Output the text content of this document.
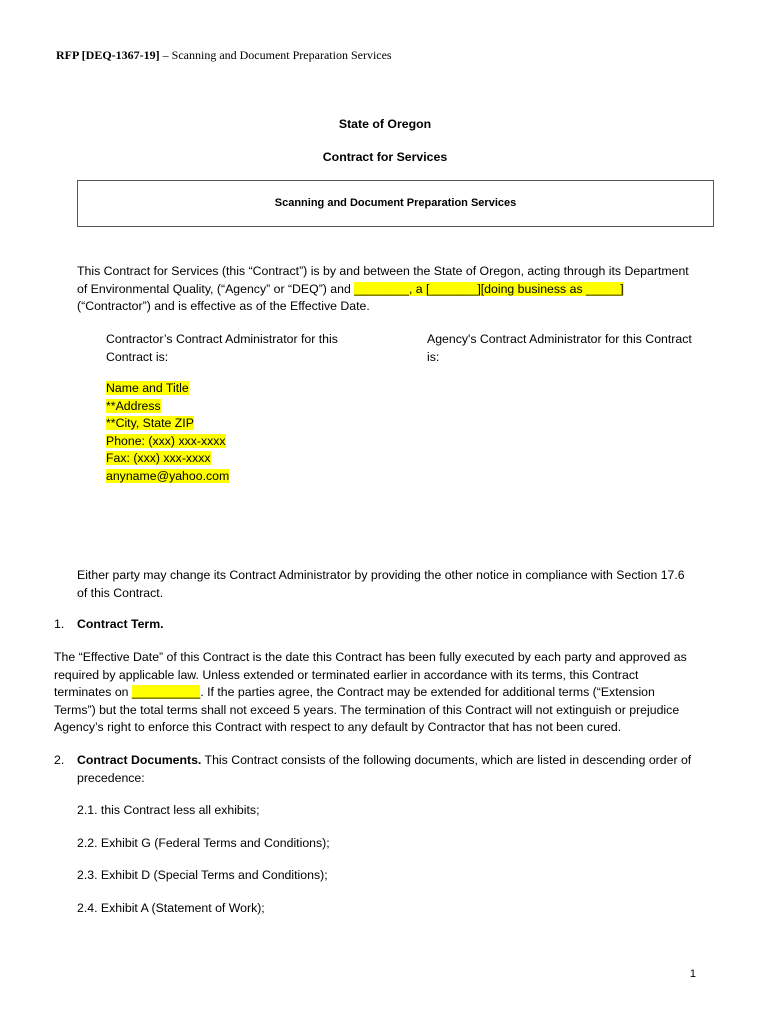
RFP [DEQ-1367-19] – Scanning and Document Preparation Services
State of Oregon
Contract for Services
Scanning and Document Preparation Services
This Contract for Services (this “Contract”) is by and between the State of Oregon, acting through its Department
of Environmental Quality, (“Agency” or “DEQ”) and ________, a [_______][doing business as _____]
(“Contractor”) and is effective as of the Effective Date.
Contractor’s Contract Administrator for this
Contract is:
Agency's Contract Administrator for this Contract
is:
Name and Title
**Address
**City, State ZIP
Phone: (xxx) xxx-xxxx
Fax: (xxx) xxx-xxxx
anyname@yahoo.com
Either party may change its Contract Administrator by providing the other notice in compliance with Section 17.6
of this Contract.
1. Contract Term.
The “Effective Date” of this Contract is the date this Contract has been fully executed by each party and approved as
required by applicable law. Unless extended or terminated earlier in accordance with its terms, this Contract
terminates on __________. If the parties agree, the Contract may be extended for additional terms (“Extension
Terms”) but the total terms shall not exceed 5 years. The termination of this Contract will not extinguish or prejudice
Agency’s right to enforce this Contract with respect to any default by Contractor that has not been cured.
2. Contract Documents. This Contract consists of the following documents, which are listed in descending order of
precedence:
2.1. this Contract less all exhibits;
2.2. Exhibit G (Federal Terms and Conditions);
2.3. Exhibit D (Special Terms and Conditions);
2.4. Exhibit A (Statement of Work);
1
